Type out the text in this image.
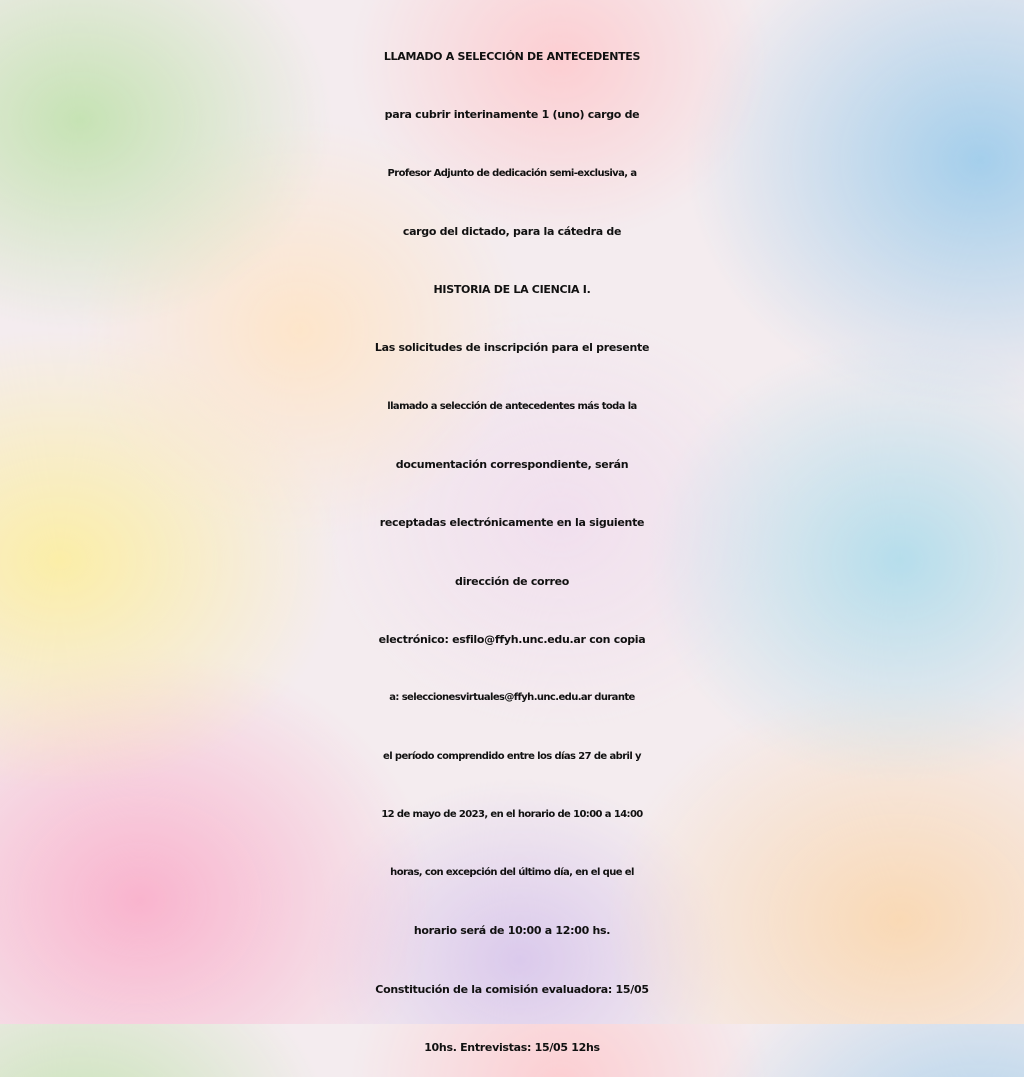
LLAMADO A SELECCIÓN DE ANTECEDENTES
para cubrir interinamente 1 (uno) cargo de
Profesor Adjunto de dedicación semi-exclusiva, a
cargo del dictado, para la cátedra de
HISTORIA DE LA CIENCIA I.
Las solicitudes de inscripción para el presente
llamado a selección de antecedentes más toda la
documentación correspondiente, serán
receptadas electrónicamente en la siguiente
dirección de correo
electrónico: esfilo@ffyh.unc.edu.ar con copia
a: seleccionesvirtuales@ffyh.unc.edu.ar durante
el período comprendido entre los días 27 de abril y
12 de mayo de 2023, en el horario de 10:00 a 14:00
horas, con excepción del último día, en el que el
horario será de 10:00 a 12:00 hs.
Constitución de la comisión evaluadora: 15/05
10hs. Entrevistas: 15/05 12hs
